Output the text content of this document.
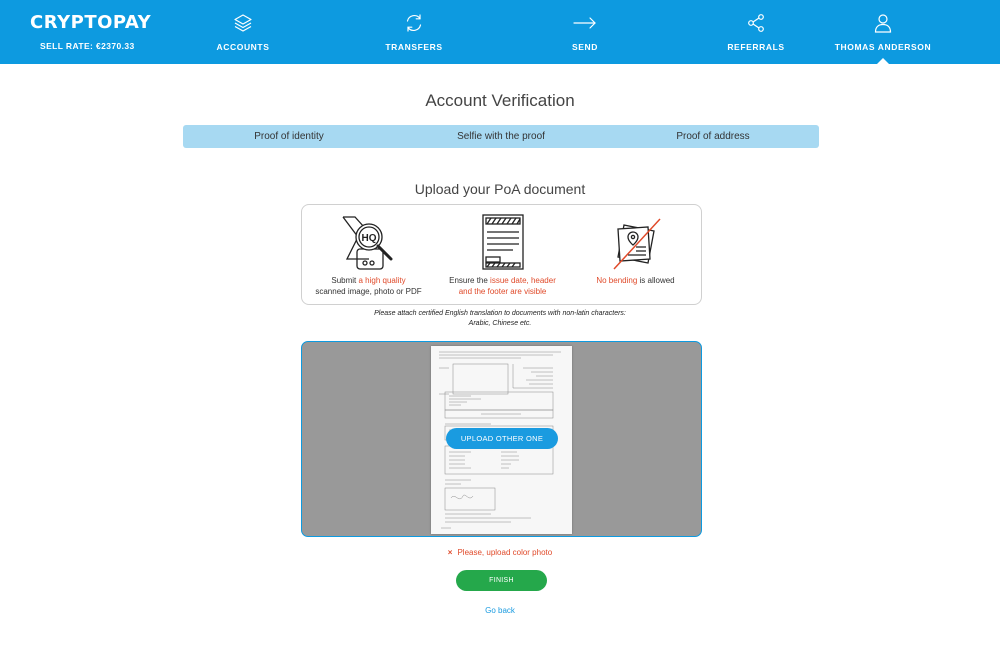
CRYPTOPAY
SELL RATE: €2370.33	ACCOUNTS	TRANSFERS	SEND	REFERRALS	THOMAS ANDERSON
Account Verification
Proof of identity	Selfie with the proof	Proof of address
Upload your PoA document
HQ
Submit a high quality
scanned image, photo or PDF
Ensure the issue date, header
and the footer are visible
No bending is allowed
Please attach certified English translation to documents with non-latin characters:
Arabic, Chinese etc.
UPLOAD OTHER ONE
× Please, upload color photo
FINISH
Go back
